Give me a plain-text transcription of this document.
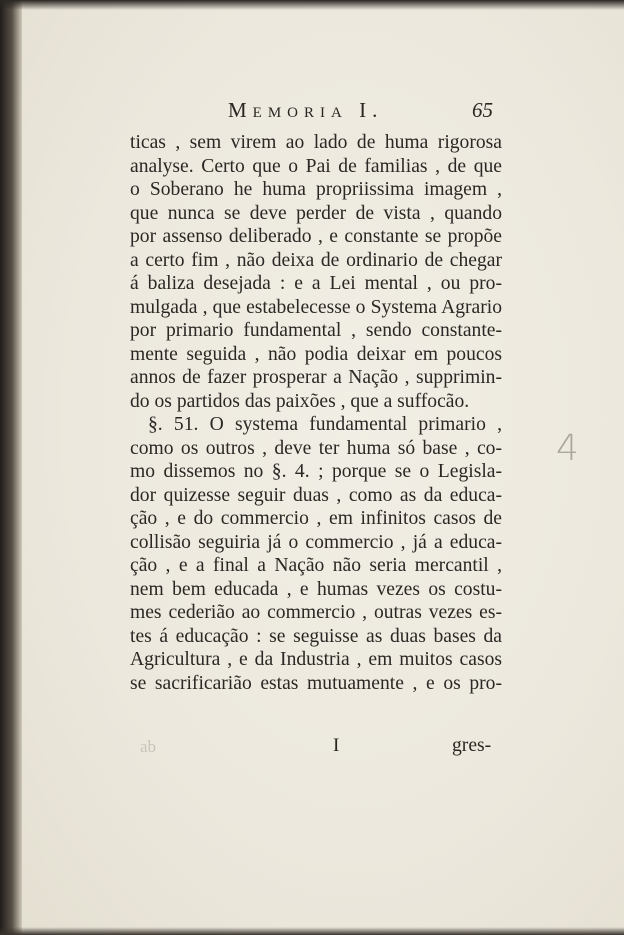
Memoria I.	65
ticas , sem virem ao lado de huma rigorosa
analyse. Certo que o Pai de familias , de que
o Soberano he huma propriissima imagem ,
que nunca se deve perder de vista , quando
por assenso deliberado , e constante se propõe
a certo fim , não deixa de ordinario de chegar
á baliza desejada : e a Lei mental , ou pro-
mulgada , que estabelecesse o Systema Agrario
por primario fundamental , sendo constante-
mente seguida , não podia deixar em poucos
annos de fazer prosperar a Nação , supprimin-
do os partidos das paixões , que a suffocão.
§. 51. O systema fundamental primario ,
como os outros , deve ter huma só base , co-
mo dissemos no §. 4. ; porque se o Legisla-
dor quizesse seguir duas , como as da educa-
ção , e do commercio , em infinitos casos de
collisão seguiria já o commercio , já a educa-
ção , e a final a Nação não seria mercantil ,
nem bem educada , e humas vezes os costu-
mes cederião ao commercio , outras vezes es-
tes á educação : se seguisse as duas bases da
Agricultura , e da Industria , em muitos casos
se sacrificarião estas mutuamente , e os pro-
ab	I	gres-
4
